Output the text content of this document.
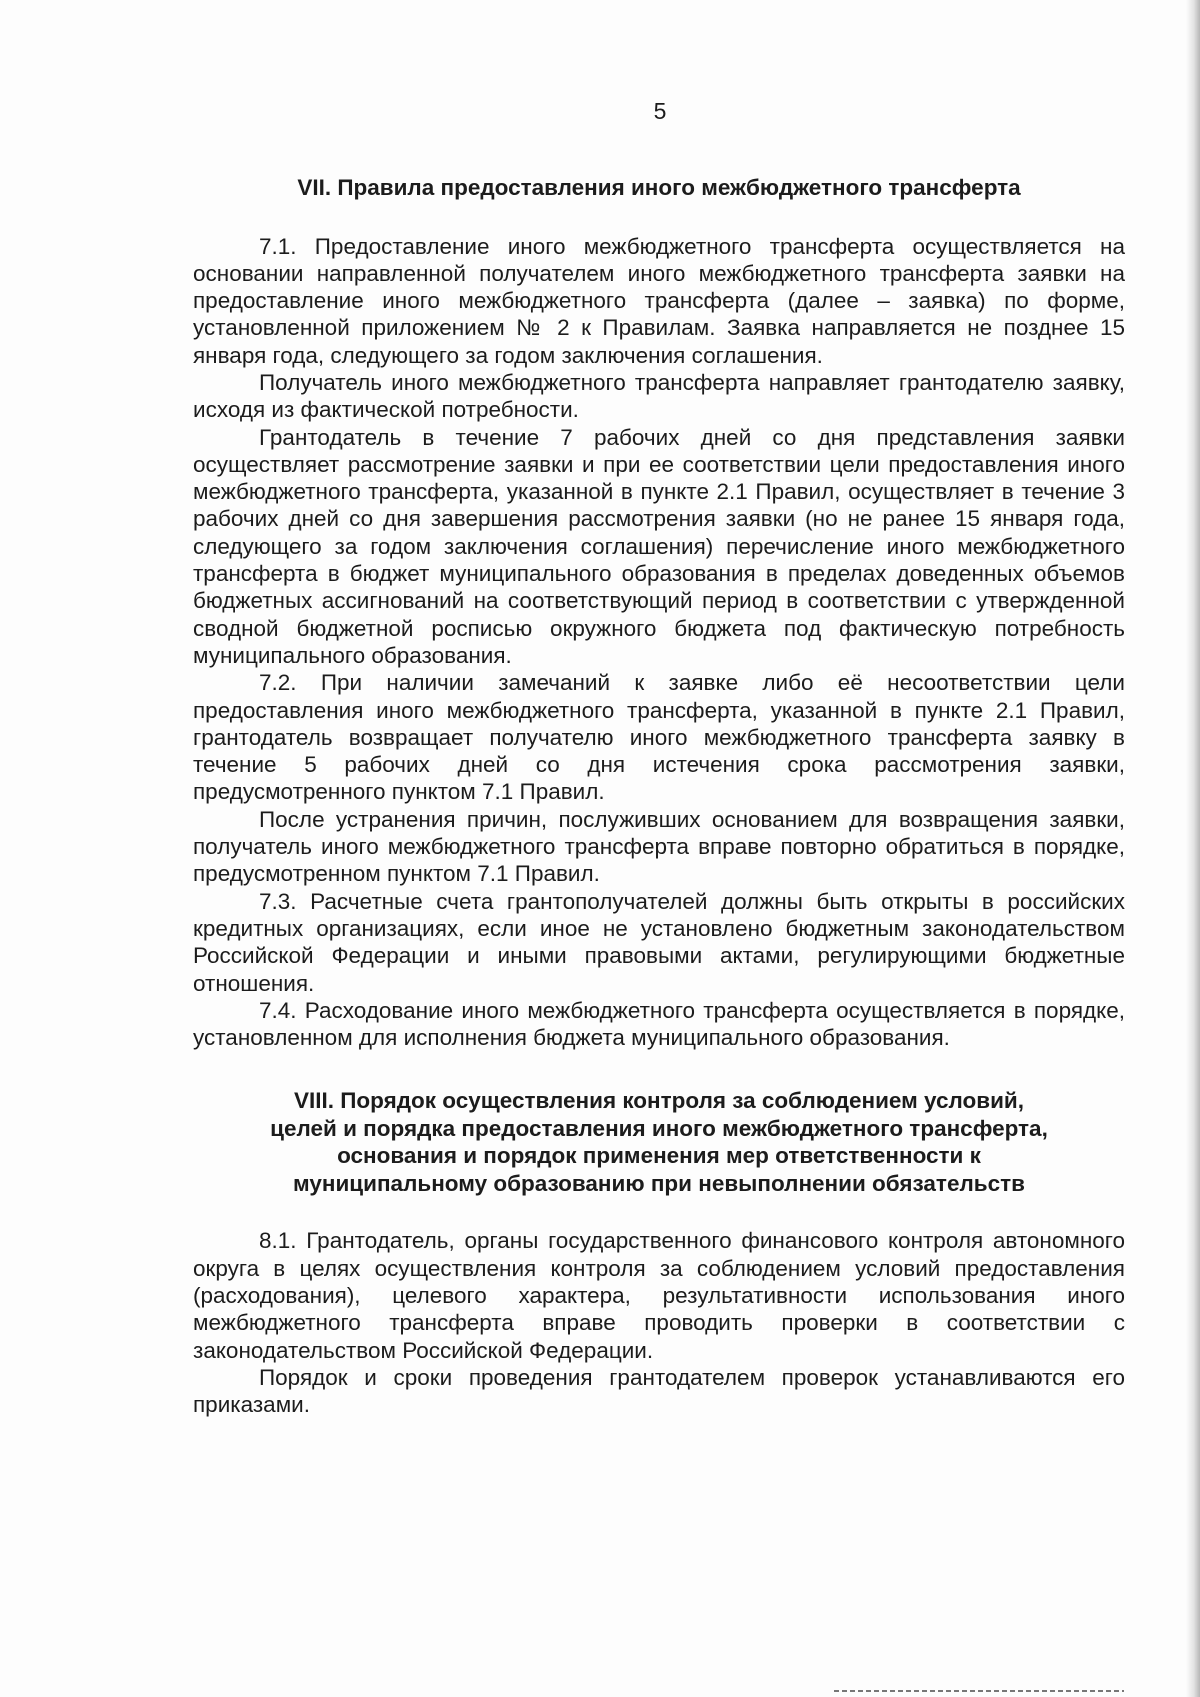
5
VII. Правила предоставления иного межбюджетного трансферта

7.1. Предоставление иного межбюджетного трансферта осуществляется на основании направленной получателем иного межбюджетного трансферта заявки на предоставление иного межбюджетного трансферта (далее – заявка) по форме, установленной приложением № 2 к Правилам. Заявка направляется не позднее 15 января года, следующего за годом заключения соглашения.

Получатель иного межбюджетного трансферта направляет грантодателю заявку, исходя из фактической потребности.

Грантодатель в течение 7 рабочих дней со дня представления заявки осуществляет рассмотрение заявки и при ее соответствии цели предоставления иного межбюджетного трансферта, указанной в пункте 2.1 Правил, осуществляет в течение 3 рабочих дней со дня завершения рассмотрения заявки (но не ранее 15 января года, следующего за годом заключения соглашения) перечисление иного межбюджетного трансферта в бюджет муниципального образования в пределах доведенных объемов бюджетных ассигнований на соответствующий период в соответствии с утвержденной сводной бюджетной росписью окружного бюджета под фактическую потребность муниципального образования.

7.2. При наличии замечаний к заявке либо её несоответствии цели предоставления иного межбюджетного трансферта, указанной в пункте 2.1 Правил, грантодатель возвращает получателю иного межбюджетного трансферта заявку в течение 5 рабочих дней со дня истечения срока рассмотрения заявки, предусмотренного пунктом 7.1 Правил.

После устранения причин, послуживших основанием для возвращения заявки, получатель иного межбюджетного трансферта вправе повторно обратиться в порядке, предусмотренном пунктом 7.1 Правил.

7.3. Расчетные счета грантополучателей должны быть открыты в российских кредитных организациях, если иное не установлено бюджетным законодательством Российской Федерации и иными правовыми актами, регулирующими бюджетные отношения.

7.4. Расходование иного межбюджетного трансферта осуществляется в порядке, установленном для исполнения бюджета муниципального образования.

VIII. Порядок осуществления контроля за соблюдением условий,
целей и порядка предоставления иного межбюджетного трансферта,
основания и порядок применения мер ответственности к
муниципальному образованию при невыполнении обязательств

8.1. Грантодатель, органы государственного финансового контроля автономного округа в целях осуществления контроля за соблюдением условий предоставления (расходования), целевого характера, результативности использования иного межбюджетного трансферта вправе проводить проверки в соответствии с законодательством Российской Федерации.

Порядок и сроки проведения грантодателем проверок устанавливаются его приказами.
